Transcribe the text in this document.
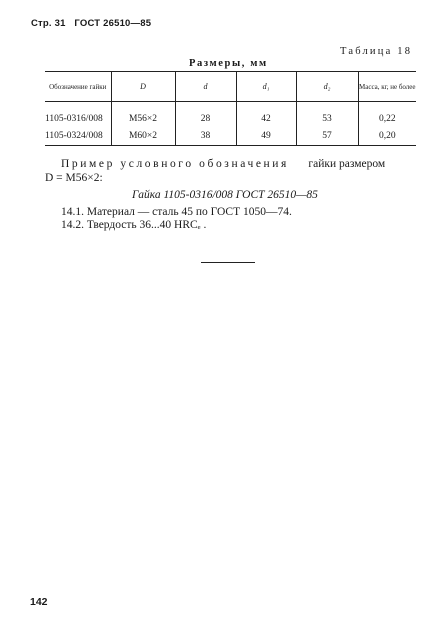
Стр. 31 ГОСТ 26510—85
Таблица 18
Размеры, мм
Обозначение гайки	D	d	d₁	d₂	Масса, кг, не более
1105-0316/008	M56×2	28	42	53	0,22
1105-0324/008	M60×2	38	49	57	0,20
Пример условного обозначения гайки размером
D = M56×2:
Гайка 1105-0316/008 ГОСТ 26510—85
14.1. Материал — сталь 45 по ГОСТ 1050—74.
14.2. Твердость 36...40 HRCₑ .
142
